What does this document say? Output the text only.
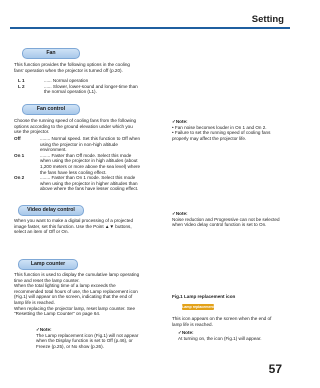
Setting
Fan
This function provides the following options in the cooling fans' operation when the projector is turned off (p.20).
L 1	...... Normal operation
L 2	...... Slower, lower-sound and longer-time than the normal operation (L1).
Fan control
Choose the running speed of cooling fans from the following options according to the ground elevation under which you use the projector.
Off	........ Normal speed. Set this function to Off when using the projector in non-high altitude environment.
On 1	........ Faster than Off mode. Select this mode when using the projector in high altitudes (about 1,200 meters or more above the sea level) where the fans have less cooling effect.
On 2	........ Faster than On 1 mode. Select this mode when using the projector in higher altitudes than above where the fans have lesser cooling effect.
✓Note:
• Fan noise becomes louder in On 1 and On 2.
• Failure to set the running speed of cooling fans properly may affect the projector life.
Video delay control
When you want to make a digital processing of a projected image faster, set this function. Use the Point ▲▼ buttons, select an item of Off or On.
✓Note:
Noise reduction and Progressive can not be selected when Video delay control function is set to On.
Lamp counter
This function is used to display the cumulative lamp operating time and reset the lamp counter.
When the total lighting time of a lamp exceeds the recommended total hours of use, the Lamp replacement icon (Fig.1) will appear on the screen, indicating that the end of lamp life is reached.
When replacing the projector lamp, reset lamp counter. See "Resetting the Lamp Counter" on page 64.
✓Note:
The Lamp replacement icon (Fig.1) will not appear when the Display function is set to Off (p.46), or Freeze (p.25), or No show (p.26).
Fig.1 Lamp replacement icon
Lamp replacement
This icon appears on the screen when the end of lamp life is reached.
✓Note:
At turning on, the icon (Fig.1) will appear.
57
